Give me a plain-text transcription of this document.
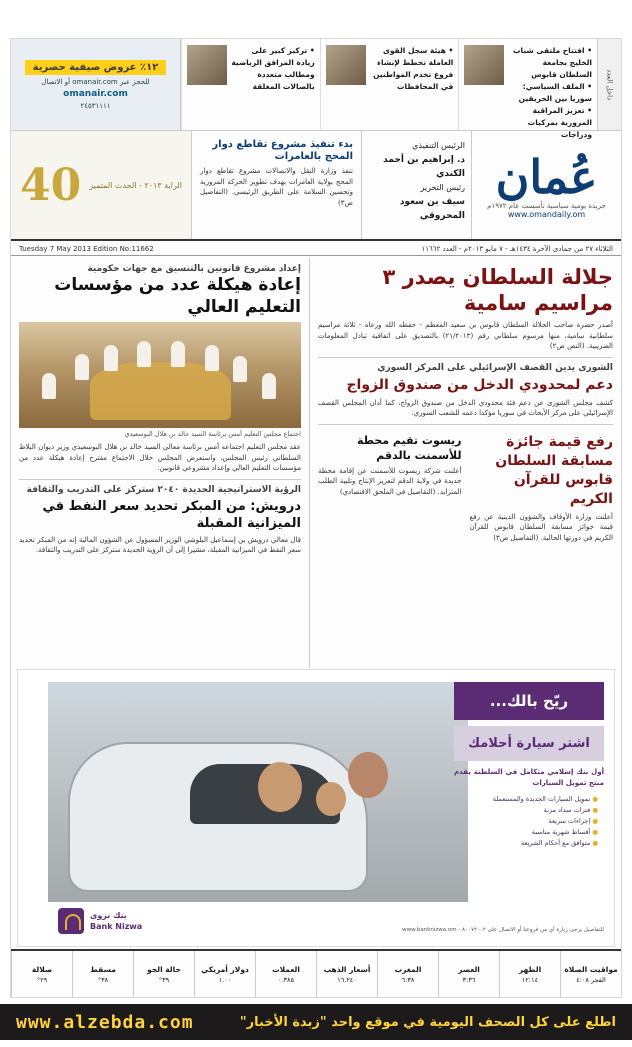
داخل العدد
• افتتاح ملتقى شباب الخليج بجامعة السلطان قابوس
• الملف السياسي: سوريا بين الحريقين
• تعزيز المراقبة المرورية بمركبات ودراجات
• هيئة سجل القوى العاملة تخطط لإنشاء فروع تخدم المواطنين في المحافظات
• تركيز كبير على زيادة المرافق الرياضية ومطالب متعددة بالصالات المغلقة
١٢٪ عروض صيفية حصرية
للحجز عبر omanair.com أو الاتصال
omanair.com
٢٤٥٣١١١١
عُمان
جريدة يومية سياسية تأسست عام ١٩٧٢م
www.omandaily.om
الرئيس التنفيذي
د. إبراهيم بن أحمد الكندي
رئيس التحرير
سيف بن سعود المحروقي
بدء تنفيذ مشروع تقاطع دوار المحج بالعامرات

تنفذ وزارة النقل والاتصالات مشروع تقاطع دوار المحج بولاية العامرات بهدف تطوير الحركة المرورية وتحسين السلامة على الطريق الرئيسي. (التفاصيل ص٣)

الراية ٢٠١٣ - الحدث المتميز
40
الثلاثاء ٢٧ من جمادى الآخرة ١٤٣٤هـ - ٧ مايو ٢٠١٣م - العدد ١١٦٦٢
Tuesday 7 May 2013 Edition No:11662
جلالة السلطان يصدر ٣ مراسيم سامية

أصدر حضرة صاحب الجلالة السلطان قابوس بن سعيد المعظم - حفظه الله ورعاه - ثلاثة مراسيم سلطانية سامية، منها مرسوم سلطاني رقم (٢١/٢٠١٣) بالتصديق على اتفاقية تبادل المعلومات الضريبية. (النص ص٢)

الشورى يدين القصف الإسرائيلي على المركز السوري
دعم لمحدودي الدخل من صندوق الزواج

كشف مجلس الشورى عن دعم فئة محدودي الدخل من صندوق الزواج، كما أدان المجلس القصف الإسرائيلي على مركز الأبحاث في سوريا مؤكدا دعمه للشعب السوري.

رفع قيمة جائزة مسابقة السلطان قابوس للقرآن الكريم

أعلنت وزارة الأوقاف والشؤون الدينية عن رفع قيمة جوائز مسابقة السلطان قابوس للقرآن الكريم في دورتها الحالية. (التفاصيل ص٣)

ريسوت تقيم محطة للأسمنت بالدقم

أعلنت شركة ريسوت للأسمنت عن إقامة محطة جديدة في ولاية الدقم لتعزيز الإنتاج وتلبية الطلب المتزايد. (التفاصيل في الملحق الاقتصادي)

إعداد مشروع قانونين بالتنسيق مع جهات حكومية
إعادة هيكلة عدد من مؤسسات التعليم العالي
اجتماع مجلس التعليم أمس برئاسة السيد خالد بن هلال البوسعيدي

عقد مجلس التعليم اجتماعه أمس برئاسة معالي السيد خالد بن هلال البوسعيدي وزير ديوان البلاط السلطاني رئيس المجلس، واستعرض المجلس خلال الاجتماع مقترح إعادة هيكلة عدد من مؤسسات التعليم العالي وإعداد مشروعي قانونين.

الرؤية الاستراتيجية الجديدة ٢٠٤٠ ستركز على التدريب والثقافة
درويش: من المبكر تحديد سعر النفط في الميزانية المقبلة

قال معالي درويش بن إسماعيل البلوشي الوزير المسؤول عن الشؤون المالية إنه من المبكر تحديد سعر النفط في الميزانية المقبلة، مشيرا إلى أن الرؤية الجديدة ستركز على التدريب والثقافة.

ريّح بالك...
اشتر سيارة أحلامك
أول بنك إسلامي متكامل في السلطنة يقدم منتج تمويل السيارات
● تمويل السيارات الجديدة والمستعملة
● فترات سداد مرنة
● إجراءات سريعة
● أقساط شهرية مناسبة
● متوافق مع أحكام الشريعة
بنك نزوى
Bank Nizwa	للتفاصيل يرجى زيارة أي من فروعنا أو الاتصال على ٨٠٠٧٢٠٠٢ - www.banknizwa.om
مواقيت الصلاة
الفجر ٤:٠٨
الظهر
١٢:١٤
العصر
٣:٣٦
المغرب
٦:٣٨
أسعار الذهب
١٦.٢٤٠
العملات
٠.٣٨٥
دولار أمريكي
١.٠٠
حالة الجو
٣٩°
مسقط
٣٨°
صلالة
٢٩°
اطلع على كل الصحف اليومية في موقع واحد "زبدة الأخبار"
www.alzebda.com
